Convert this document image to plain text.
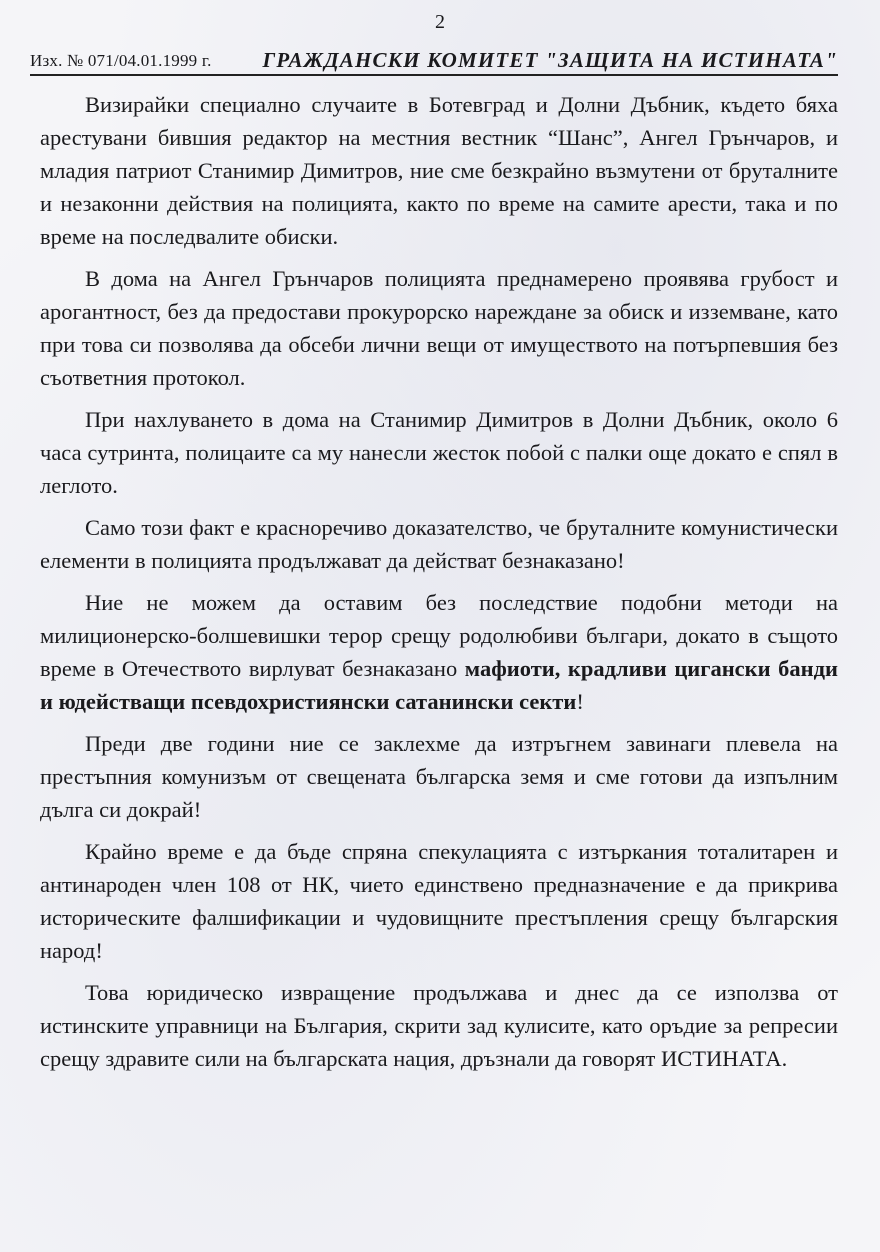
2
Изх. № 071/04.01.1999 г. ГРАЖДАНСКИ КОМИТЕТ "ЗАЩИТА НА ИСТИНАТА"

Визирайки специално случаите в Ботевград и Долни Дъбник, където бяха арестувани бившия редактор на местния вестник “Шанс”, Ангел Грънчаров, и младия патриот Станимир Димитров, ние сме безкрайно възмутени от бруталните и незаконни действия на полицията, както по време на самите арести, така и по време на последвалите обиски.

В дома на Ангел Грънчаров полицията преднамерено проявява грубост и арогантност, без да предостави прокурорско нареждане за обиск и изземване, като при това си позволява да обсеби лични вещи от имуществото на потърпевшия без съответния протокол.

При нахлуването в дома на Станимир Димитров в Долни Дъбник, около 6 часа сутринта, полицаите са му нанесли жесток побой с палки още докато е спял в леглото.

Само този факт е красноречиво доказателство, че бруталните комунистически елементи в полицията продължават да действат безнаказано!

Ние не можем да оставим без последствие подобни методи на милиционерско-болшевишки терор срещу родолюбиви българи, докато в същото време в Отечеството вирлуват безнаказано мафиоти, крадливи цигански банди и юдействащи псевдохристиянски сатанински секти!

Преди две години ние се заклехме да изтръгнем завинаги плевела на престъпния комунизъм от свещената българска земя и сме готови да изпълним дълга си докрай!

Крайно време е да бъде спряна спекулацията с изтъркания тоталитарен и антинароден член 108 от НК, чието единствено предназначение е да прикрива историческите фалшификации и чудовищните престъпления срещу българския народ!

Това юридическо извращение продължава и днес да се използва от истинските управници на България, скрити зад кулисите, като оръдие за репресии срещу здравите сили на българската нация, дръзнали да говорят ИСТИНАТА.
